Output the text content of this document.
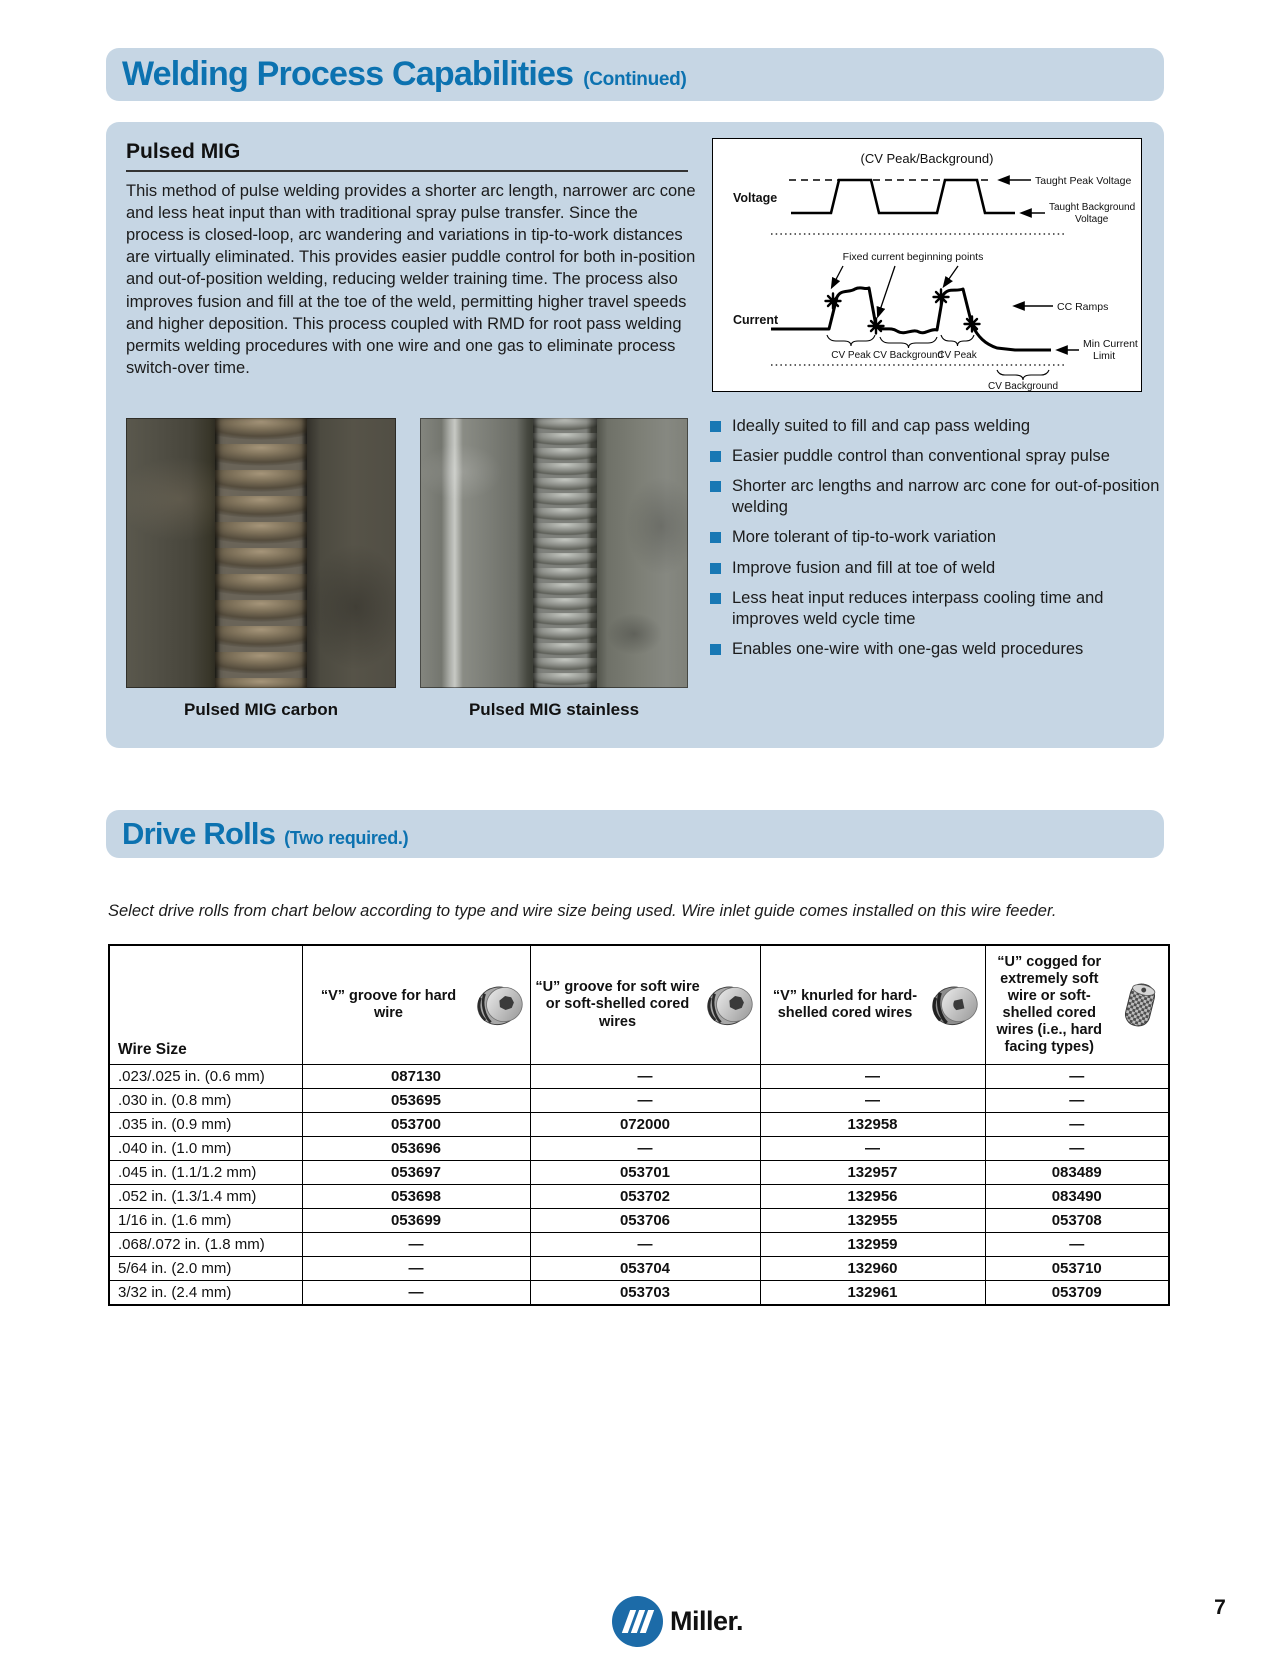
Welding Process Capabilities (Continued)
Pulsed MIG

This method of pulse welding provides a shorter arc length, narrower arc cone and less heat input than with traditional spray pulse transfer. Since the process is closed-loop, arc wandering and variations in tip-to-work distances are virtually eliminated. This provides easier puddle control for both in-position and out-of-position welding, reducing welder training time. The process also improves fusion and fill at the toe of the weld, permitting higher travel speeds and higher deposition. This process coupled with RMD for root pass welding permits welding procedures with one wire and one gas to eliminate process switch-over time.

(CV Peak/Background)
Voltage
Taught Peak Voltage
Taught Background
Voltage
Fixed current beginning points
Current
CV Peak CV Background
CV Peak
CC Ramps
Min Current
Limit
CV Background
Pulsed MIG carbon	Pulsed MIG stainless
Ideally suited to fill and cap pass welding
Easier puddle control than conventional spray pulse
Shorter arc lengths and narrow arc cone for out-of-position welding
More tolerant of tip-to-work variation
Improve fusion and fill at toe of weld
Less heat input reduces interpass cooling time and improves weld cycle time
Enables one-wire with one-gas weld procedures
Drive Rolls (Two required.)

Select drive rolls from chart below according to type and wire size being used. Wire inlet guide comes installed on this wire feeder.

Wire Size	“V” groove for hard wire	“U” groove for soft wire or soft-shelled cored wires	“V” knurled for hard-shelled cored wires	“U” cogged for extremely soft wire or soft-shelled cored wires (i.e., hard facing types)

.023/.025 in. (0.6 mm)	087130	—	—	—
.030 in. (0.8 mm)	053695	—	—	—
.035 in. (0.9 mm)	053700	072000	132958	—
.040 in. (1.0 mm)	053696	—	—	—
.045 in. (1.1/1.2 mm)	053697	053701	132957	083489
.052 in. (1.3/1.4 mm)	053698	053702	132956	083490
1/16 in. (1.6 mm)	053699	053706	132955	053708
.068/.072 in. (1.8 mm)	—	—	132959	—
5/64 in. (2.0 mm)	—	053704	132960	053710
3/32 in. (2.4 mm)	—	053703	132961	053709
Miller.	7
